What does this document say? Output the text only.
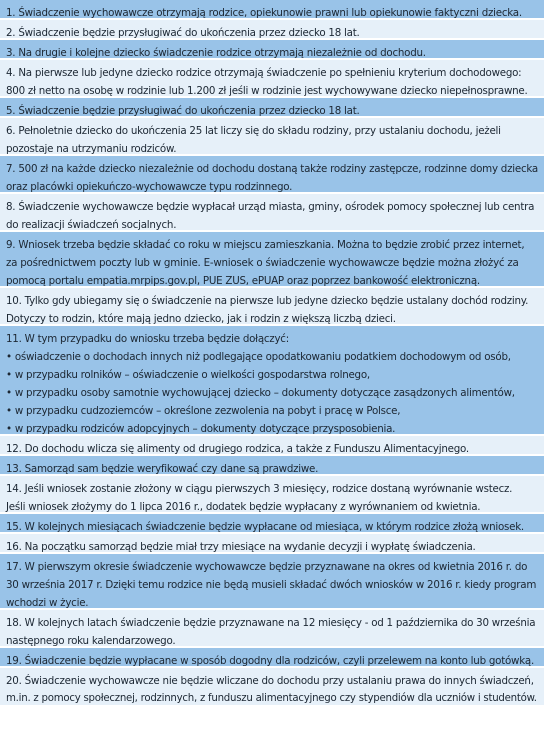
1. Świadczenie wychowawcze otrzymają rodzice, opiekunowie prawni lub opiekunowie faktyczni dziecka.
2. Świadczenie będzie przysługiwać do ukończenia przez dziecko 18 lat.
3. Na drugie i kolejne dziecko świadczenie rodzice otrzymają niezależnie od dochodu.
4. Na pierwsze lub jedyne dziecko rodzice otrzymają świadczenie po spełnieniu kryterium dochodowego:
800 zł netto na osobę w rodzinie lub 1.200 zł jeśli w rodzinie jest wychowywane dziecko niepełnosprawne.
5. Świadczenie będzie przysługiwać do ukończenia przez dziecko 18 lat.
6. Pełnoletnie dziecko do ukończenia 25 lat liczy się do składu rodziny, przy ustalaniu dochodu, jeżeli
pozostaje na utrzymaniu rodziców.
7. 500 zł na każde dziecko niezależnie od dochodu dostaną także rodziny zastępcze, rodzinne domy dziecka
oraz placówki opiekuńczo-wychowawcze typu rodzinnego.
8. Świadczenie wychowawcze będzie wypłacał urząd miasta, gminy, ośrodek pomocy społecznej lub centra
do realizacji świadczeń socjalnych.
9. Wniosek trzeba będzie składać co roku w miejscu zamieszkania. Można to będzie zrobić przez internet,
za pośrednictwem poczty lub w gminie. E-wniosek o świadczenie wychowawcze będzie można złożyć za
pomocą portalu empatia.mrpips.gov.pl, PUE ZUS, ePUAP oraz poprzez bankowość elektroniczną.
10. Tylko gdy ubiegamy się o świadczenie na pierwsze lub jedyne dziecko będzie ustalany dochód rodziny.
Dotyczy to rodzin, które mają jedno dziecko, jak i rodzin z większą liczbą dzieci.
11. W tym przypadku do wniosku trzeba będzie dołączyć:
• oświadczenie o dochodach innych niż podlegające opodatkowaniu podatkiem dochodowym od osób,
• w przypadku rolników – oświadczenie o wielkości gospodarstwa rolnego,
• w przypadku osoby samotnie wychowującej dziecko – dokumenty dotyczące zasądzonych alimentów,
• w przypadku cudzoziemców – określone zezwolenia na pobyt i pracę w Polsce,
• w przypadku rodziców adopcyjnych – dokumenty dotyczące przysposobienia.
12. Do dochodu wlicza się alimenty od drugiego rodzica, a także z Funduszu Alimentacyjnego.
13. Samorząd sam będzie weryfikować czy dane są prawdziwe.
14. Jeśli wniosek zostanie złożony w ciągu pierwszych 3 miesięcy, rodzice dostaną wyrównanie wstecz.
Jeśli wniosek złożymy do 1 lipca 2016 r., dodatek będzie wypłacany z wyrównaniem od kwietnia.
15. W kolejnych miesiącach świadczenie będzie wypłacane od miesiąca, w którym rodzice złożą wniosek.
16. Na początku samorząd będzie miał trzy miesiące na wydanie decyzji i wypłatę świadczenia.
17. W pierwszym okresie świadczenie wychowawcze będzie przyznawane na okres od kwietnia 2016 r. do
30 września 2017 r. Dzięki temu rodzice nie będą musieli składać dwóch wniosków w 2016 r. kiedy program
wchodzi w życie.
18. W kolejnych latach świadczenie będzie przyznawane na 12 miesięcy - od 1 października do 30 września
następnego roku kalendarzowego.
19. Świadczenie będzie wypłacane w sposób dogodny dla rodziców, czyli przelewem na konto lub gotówką.
20. Świadczenie wychowawcze nie będzie wliczane do dochodu przy ustalaniu prawa do innych świadczeń,
m.in. z pomocy społecznej, rodzinnych, z funduszu alimentacyjnego czy stypendiów dla uczniów i studentów.
